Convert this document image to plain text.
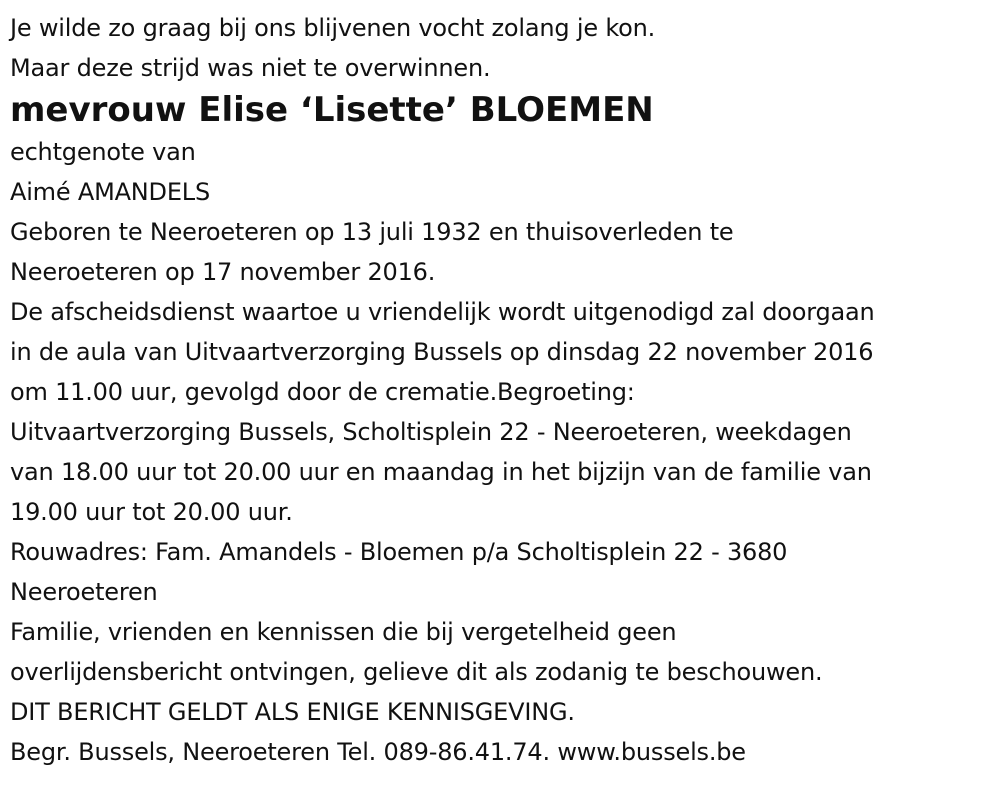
Je wilde zo graag bij ons blijvenen vocht zolang je kon.
Maar deze strijd was niet te overwinnen.
mevrouw Elise ‘Lisette’ BLOEMEN
echtgenote van
Aimé AMANDELS
Geboren te Neeroeteren op 13 juli 1932 en thuisoverleden te
Neeroeteren op 17 november 2016.
De afscheidsdienst waartoe u vriendelijk wordt uitgenodigd zal doorgaan
in de aula van Uitvaartverzorging Bussels op dinsdag 22 november 2016
om 11.00 uur, gevolgd door de crematie.Begroeting:
Uitvaartverzorging Bussels, Scholtisplein 22 - Neeroeteren, weekdagen
van 18.00 uur tot 20.00 uur en maandag in het bijzijn van de familie van
19.00 uur tot 20.00 uur.
Rouwadres: Fam. Amandels - Bloemen p/a Scholtisplein 22 - 3680
Neeroeteren
Familie, vrienden en kennissen die bij vergetelheid geen
overlijdensbericht ontvingen, gelieve dit als zodanig te beschouwen.
DIT BERICHT GELDT ALS ENIGE KENNISGEVING.
Begr. Bussels, Neeroeteren Tel. 089-86.41.74. www.bussels.be
